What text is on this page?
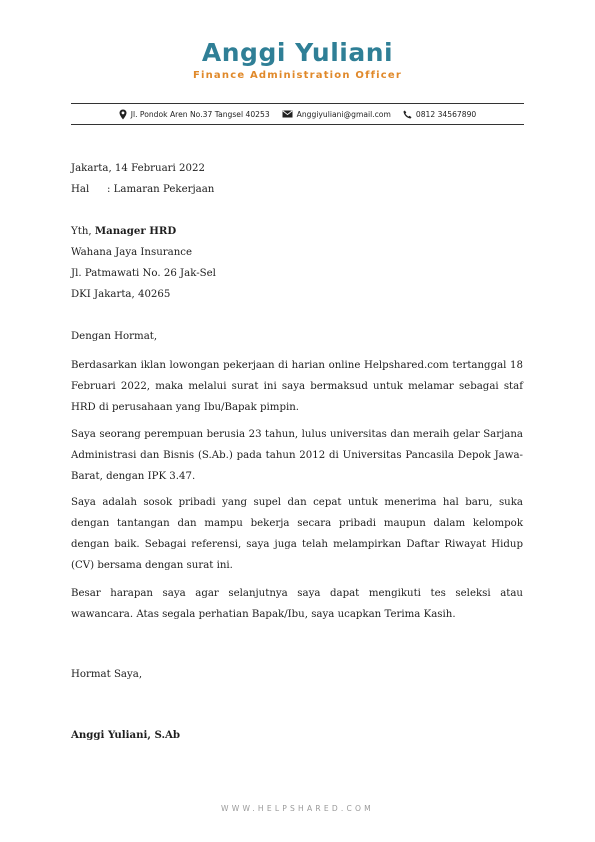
Anggi Yuliani
Finance Administration Officer
Jl. Pondok Aren No.37 Tangsel 40253	Anggiyuliani@gmail.com	0812 34567890
Jakarta, 14 Februari 2022
Hal : Lamaran Pekerjaan
Yth, Manager HRD
Wahana Jaya Insurance
Jl. Patmawati No. 26 Jak-Sel
DKI Jakarta, 40265
Dengan Hormat,
Berdasarkan iklan lowongan pekerjaan di harian online Helpshared.com tertanggal 18 Februari 2022, maka melalui surat ini saya bermaksud untuk melamar sebagai staf HRD di perusahaan yang Ibu/Bapak pimpin.
Saya seorang perempuan berusia 23 tahun, lulus universitas dan meraih gelar Sarjana Administrasi dan Bisnis (S.Ab.) pada tahun 2012 di Universitas Pancasila Depok Jawa-Barat, dengan IPK 3.47.
Saya adalah sosok pribadi yang supel dan cepat untuk menerima hal baru, suka dengan tantangan dan mampu bekerja secara pribadi maupun dalam kelompok dengan baik. Sebagai referensi, saya juga telah melampirkan Daftar Riwayat Hidup (CV) bersama dengan surat ini.
Besar harapan saya agar selanjutnya saya dapat mengikuti tes seleksi atau wawancara. Atas segala perhatian Bapak/Ibu, saya ucapkan Terima Kasih.
Hormat Saya,
Anggi Yuliani, S.Ab
WWW.HELPSHARED.COM
